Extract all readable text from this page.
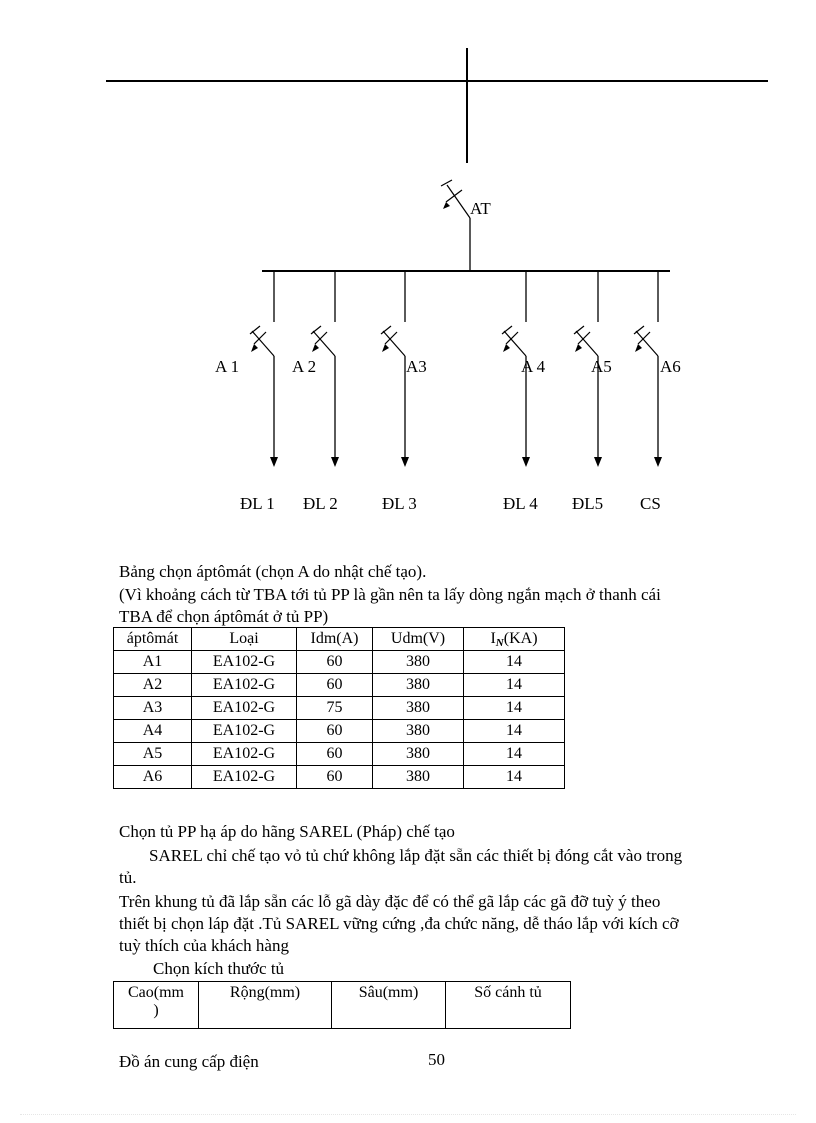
AT
A 1
ĐL 1
A 2
ĐL 2
A3
ĐL 3
A 4
ĐL 4
A5
ĐL5
A6
CS

Bảng chọn áptômát (chọn A do nhật chế tạo).

(Vì khoảng cách từ TBA tới tủ PP là gần nên ta lấy dòng ngắn mạch ở thanh cái

TBA để chọn áptômát ở tủ PP)

áptômát	Loại	Idm(A)	Udm(V)	IN(KA)
A1	EA102-G	60	380	14
A2	EA102-G	60	380	14
A3	EA102-G	75	380	14
A4	EA102-G	60	380	14
A5	EA102-G	60	380	14
A6	EA102-G	60	380	14

Chọn tủ PP hạ áp do hãng SAREL (Pháp) chế tạo

SAREL chỉ chế tạo vỏ tủ chứ không lắp đặt sẵn các thiết bị đóng cắt vào trong

tủ.

Trên khung tủ đã lắp sẵn các lỗ gã dày đặc để có thể gã lắp các gã đỡ tuỳ ý theo

thiết bị chọn láp đặt .Tủ SAREL vững cứng ,đa chức năng, dễ tháo lắp với kích cỡ

tuỳ thích của khách hàng

Chọn kích thước tủ

Cao(mm
)	Rộng(mm)	Sâu(mm)	Số cánh tủ
Đồ án cung cấp điện	50
